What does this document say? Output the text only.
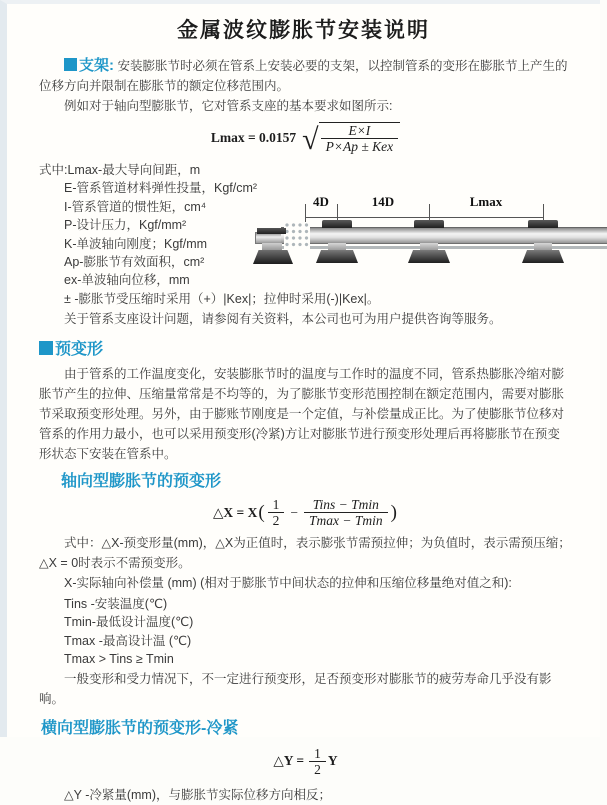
金属波纹膨胀节安装说明

支架: 安装膨胀节时必须在管系上安装必要的支架，以控制管系的变形在膨胀节上产生的位移方向并限制在膨胀节的额定位移范围内。

例如对于轴向型膨胀节，它对管系支座的基本要求如图所示:

Lmax = 0.0157 √ $\frac{E\times I}{\text{P×Ap ± Kex}}$
式中:Lmax-最大导向间距，m
E-管系管道材料弹性投量，Kgf/cm²
I-管系管道的惯性矩，cm⁴
P-设计压力，Kgf/mm²
K-单波轴向刚度；Kgf/mm
Ap-膨胀节有效面积，cm²
ex-单波轴向位移，mm
± -膨胀节受压缩时采用（+）|Kex|；拉伸时采用(-)|Kex|。

关于管系支座设计问题，请参阅有关资料，本公司也可为用户提供咨询等服务。

预变形

由于管系的工作温度变化，安装膨胀节时的温度与工作时的温度不同，管系热膨胀冷缩对膨胀节产生的拉伸、压缩量常常是不均等的，为了膨胀节变形范围控制在额定范围内，需要对膨胀节采取预变形处理。另外，由于膨账节刚度是一个定值，与补偿量成正比。为了使膨胀节位移对管系的作用力最小，也可以采用预变形(冷紧)方让对膨胀节进行预变形处理后再将膨胀节在预变形状态下安装在管系中。

轴向型膨胀节的预变形
△X = X ( $\frac{1}{2} - \frac{\text{Tins − Tmin}}{Tmax - Tmin}$ )

式中：△X-预变形量(mm)，△X为正值时，表示膨张节需预拉伸；为负值时，表示需预压缩；△X = 0时表示不需预变形。

X-实际轴向补偿量 (mm) (相对于膨胀节中间状态的拉伸和压缩位移量绝对值之和):

Tins -安装温度(℃)
Tmin-最低设计温度(℃)
Tmax -最高设计温 (℃)
Tmax > Tins ≥ Tmin

一般变形和受力情况下，不一定进行预变形，足否预变形对膨胀节的疲劳寿命几乎没有影响。

横向型膨胀节的预变形-冷紧
△Y = $\frac{1}{2}$ Y

△Y -冷紧量(mm)，与膨胀节实际位移方向相反；

4D	14D	Lmax
